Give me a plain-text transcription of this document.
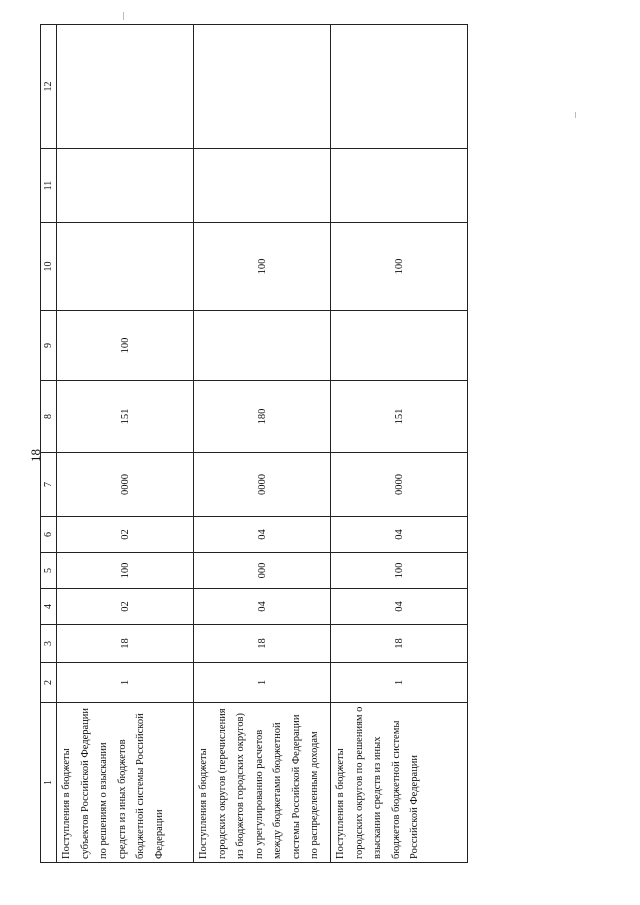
18
1	2	3	4	5	6	7	8	9	10	11	12
Поступления в бюджеты субъектов Российской Федерации по решениям о взыскании средств из иных бюджетов бюджетной системы Российской Федерации	1	18	02	100	02	0000	151	100			
Поступления в бюджеты городских округов (перечисления из бюджетов городских округов) по урегулированию расчетов между бюджетами бюджетной системы Российской Федерации по распределенным доходам	1	18	04	000	04	0000	180		100		
Поступления в бюджеты городских округов по решениям о взыскании средств из иных бюджетов бюджетной системы Российской Федерации	1	18	04	100	04	0000	151		100		
